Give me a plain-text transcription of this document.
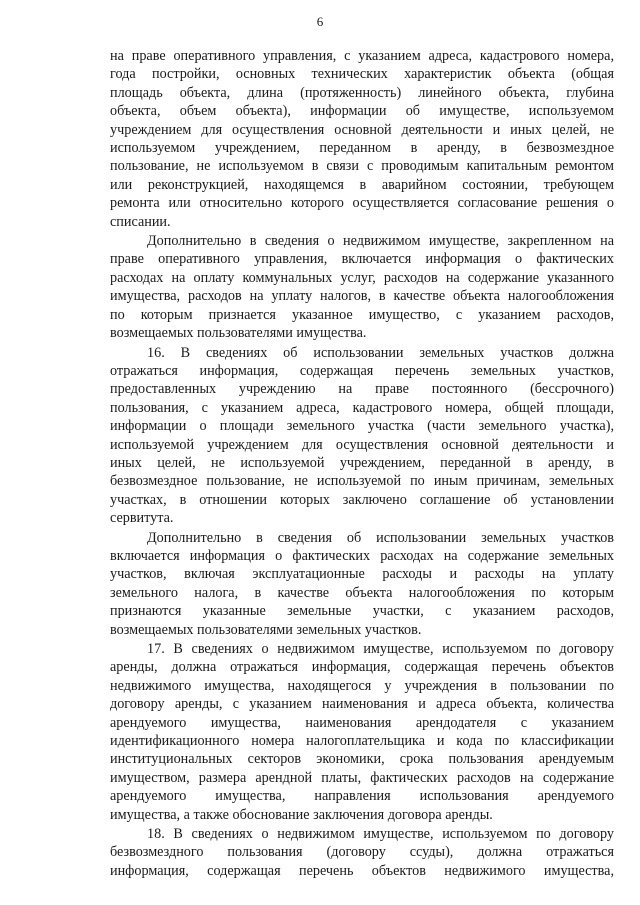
6
на праве оперативного управления, с указанием адреса, кадастрового номера,
года постройки, основных технических характеристик объекта (общая
площадь объекта, длина (протяженность) линейного объекта, глубина
объекта, объем объекта), информации об имуществе, используемом
учреждением для осуществления основной деятельности и иных целей, не
используемом учреждением, переданном в аренду, в безвозмездное
пользование, не используемом в связи с проводимым капитальным ремонтом
или реконструкцией, находящемся в аварийном состоянии, требующем
ремонта или относительно которого осуществляется согласование решения о
списании.
Дополнительно в сведения о недвижимом имуществе, закрепленном на
праве оперативного управления, включается информация о фактических
расходах на оплату коммунальных услуг, расходов на содержание указанного
имущества, расходов на уплату налогов, в качестве объекта налогообложения
по которым признается указанное имущество, с указанием расходов,
возмещаемых пользователями имущества.
16. В сведениях об использовании земельных участков должна
отражаться информация, содержащая перечень земельных участков,
предоставленных учреждению на праве постоянного (бессрочного)
пользования, с указанием адреса, кадастрового номера, общей площади,
информации о площади земельного участка (части земельного участка),
используемой учреждением для осуществления основной деятельности и
иных целей, не используемой учреждением, переданной в аренду, в
безвозмездное пользование, не используемой по иным причинам, земельных
участках, в отношении которых заключено соглашение об установлении
сервитута.
Дополнительно в сведения об использовании земельных участков
включается информация о фактических расходах на содержание земельных
участков, включая эксплуатационные расходы и расходы на уплату
земельного налога, в качестве объекта налогообложения по которым
признаются указанные земельные участки, с указанием расходов,
возмещаемых пользователями земельных участков.
17. В сведениях о недвижимом имуществе, используемом по договору
аренды, должна отражаться информация, содержащая перечень объектов
недвижимого имущества, находящегося у учреждения в пользовании по
договору аренды, с указанием наименования и адреса объекта, количества
арендуемого имущества, наименования арендодателя с указанием
идентификационного номера налогоплательщика и кода по классификации
институциональных секторов экономики, срока пользования арендуемым
имуществом, размера арендной платы, фактических расходов на содержание
арендуемого имущества, направления использования арендуемого
имущества, а также обоснование заключения договора аренды.
18. В сведениях о недвижимом имуществе, используемом по договору
безвозмездного пользования (договору ссуды), должна отражаться
информация, содержащая перечень объектов недвижимого имущества,
